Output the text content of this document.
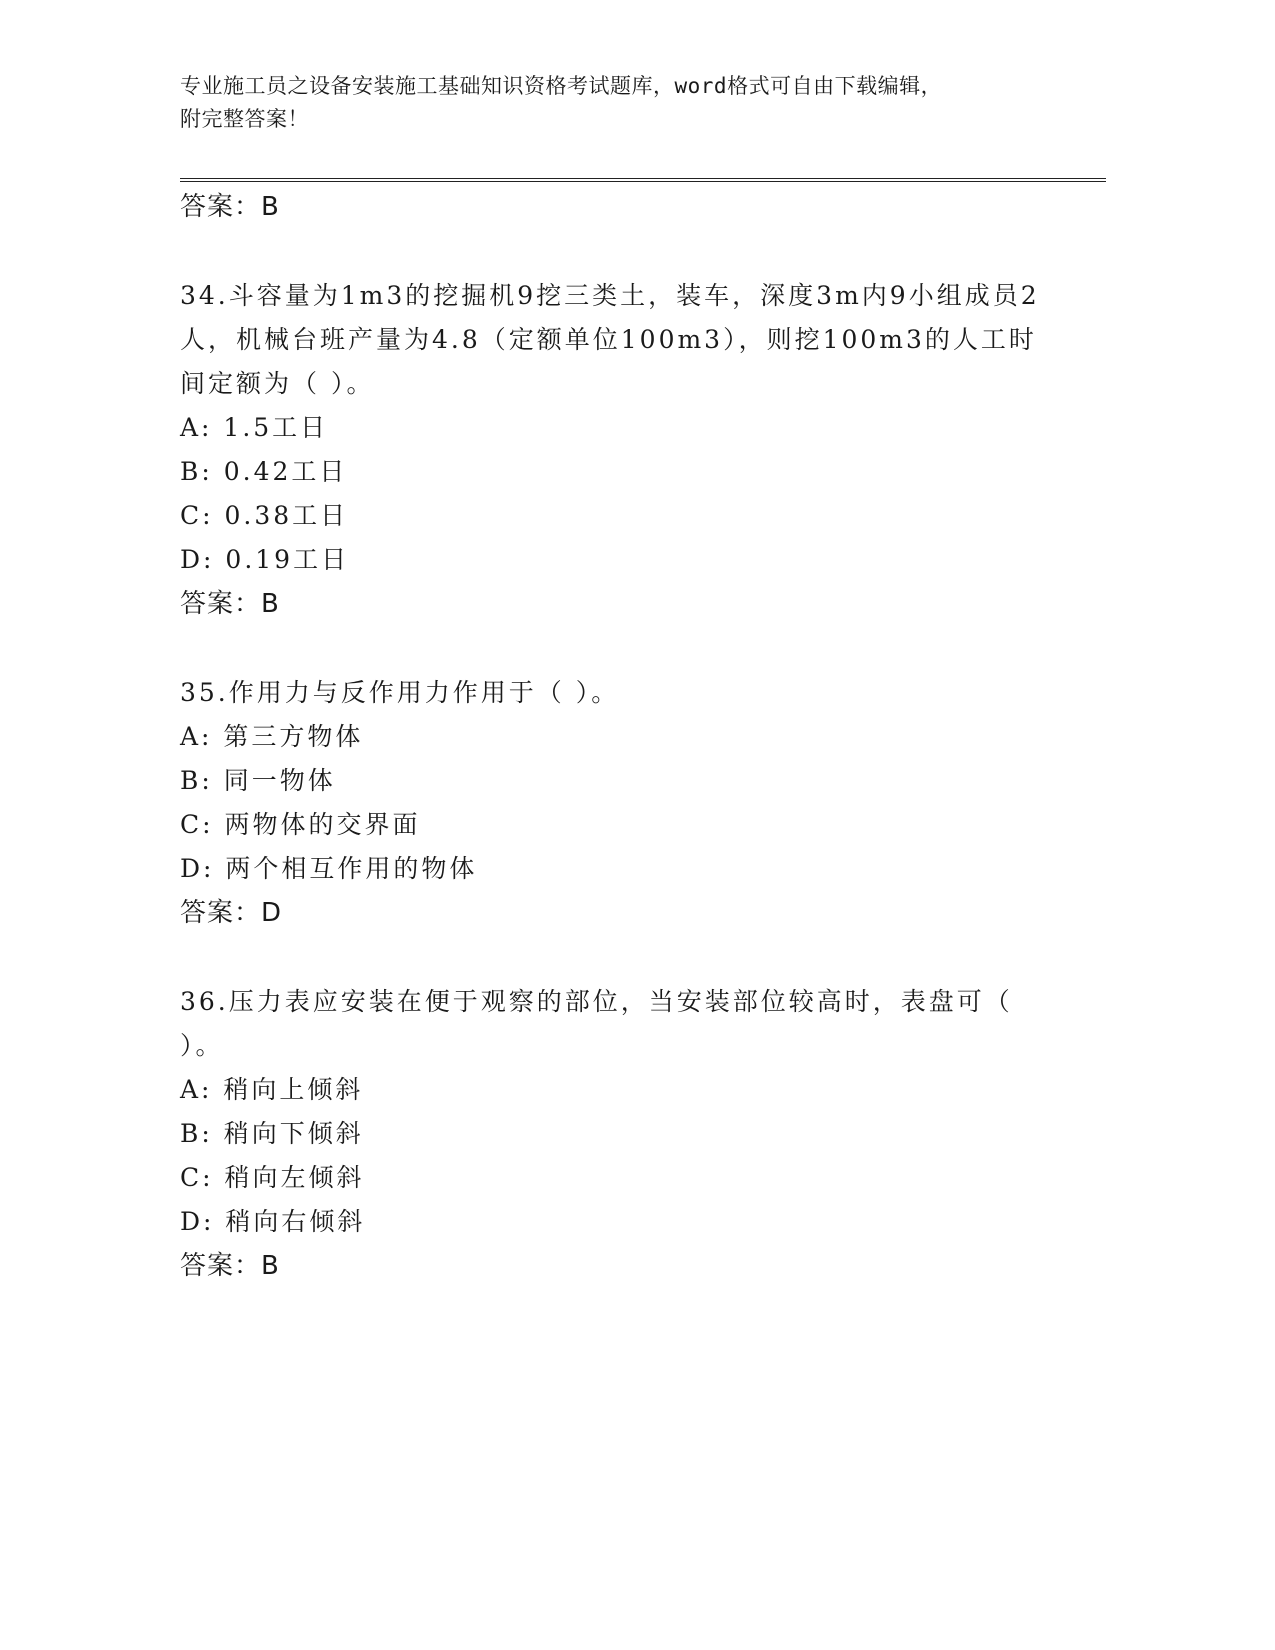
专业施工员之设备安装施工基础知识资格考试题库，word格式可自由下载编辑，
附完整答案！

答案：B

34.斗容量为1m3的挖掘机9挖三类土，装车，深度3m内9小组成员2人，机械台班产量为4.8（定额单位100m3），则挖100m3的人工时间定额为（ ）。

A: 1.5工日

B: 0.42工日

C: 0.38工日

D: 0.19工日

答案：B

35.作用力与反作用力作用于（ ）。

A: 第三方物体

B: 同一物体

C: 两物体的交界面

D: 两个相互作用的物体

答案：D

36.压力表应安装在便于观察的部位，当安装部位较高时，表盘可（ ）。

A: 稍向上倾斜

B: 稍向下倾斜

C: 稍向左倾斜

D: 稍向右倾斜

答案：B
